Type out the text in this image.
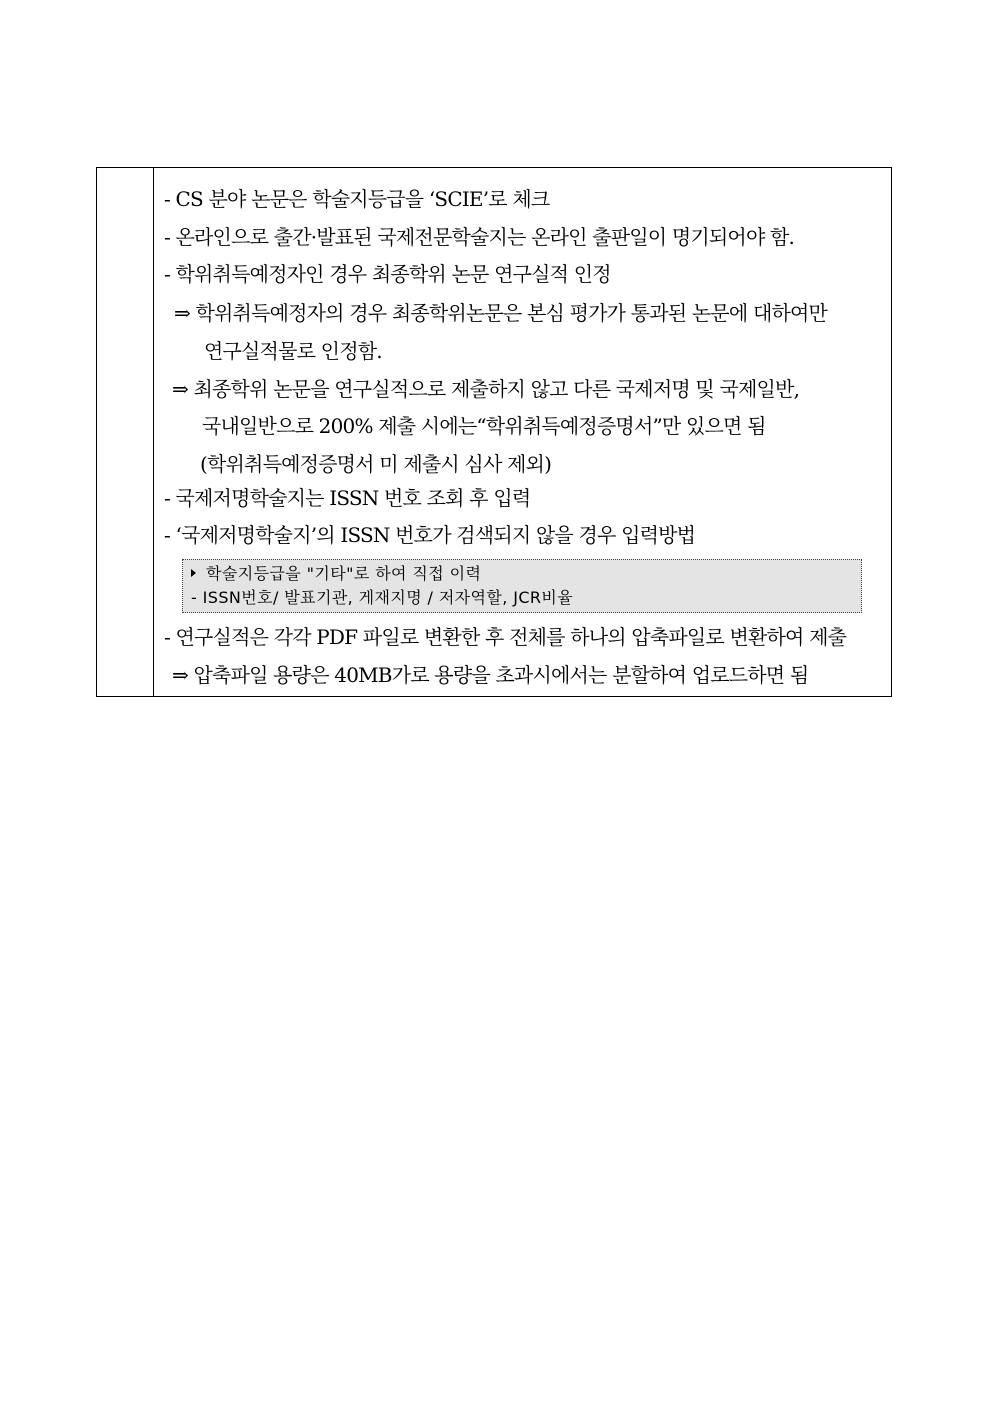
- CS 분야 논문은 학술지등급을 ‘SCIE’로 체크
- 온라인으로 출간·발표된 국제전문학술지는 온라인 출판일이 명기되어야 함.
- 학위취득예정자인 경우 최종학위 논문 연구실적 인정
⇒ 학위취득예정자의 경우 최종학위논문은 본심 평가가 통과된 논문에 대하여만
연구실적물로 인정함.
⇒ 최종학위 논문을 연구실적으로 제출하지 않고 다른 국제저명 및 국제일반,
국내일반으로 200% 제출 시에는“학위취득예정증명서”만 있으면 됨
(학위취득예정증명서 미 제출시 심사 제외)
- 국제저명학술지는 ISSN 번호 조회 후 입력
- ‘국제저명학술지’의 ISSN 번호가 검색되지 않을 경우 입력방법
학술지등급을 "기타"로 하여 직접 이력
- ISSN번호/ 발표기관, 게재지명 / 저자역할, JCR비율
- 연구실적은 각각 PDF 파일로 변환한 후 전체를 하나의 압축파일로 변환하여 제출
⇒ 압축파일 용량은 40MB가로 용량을 초과시에서는 분할하여 업로드하면 됨
